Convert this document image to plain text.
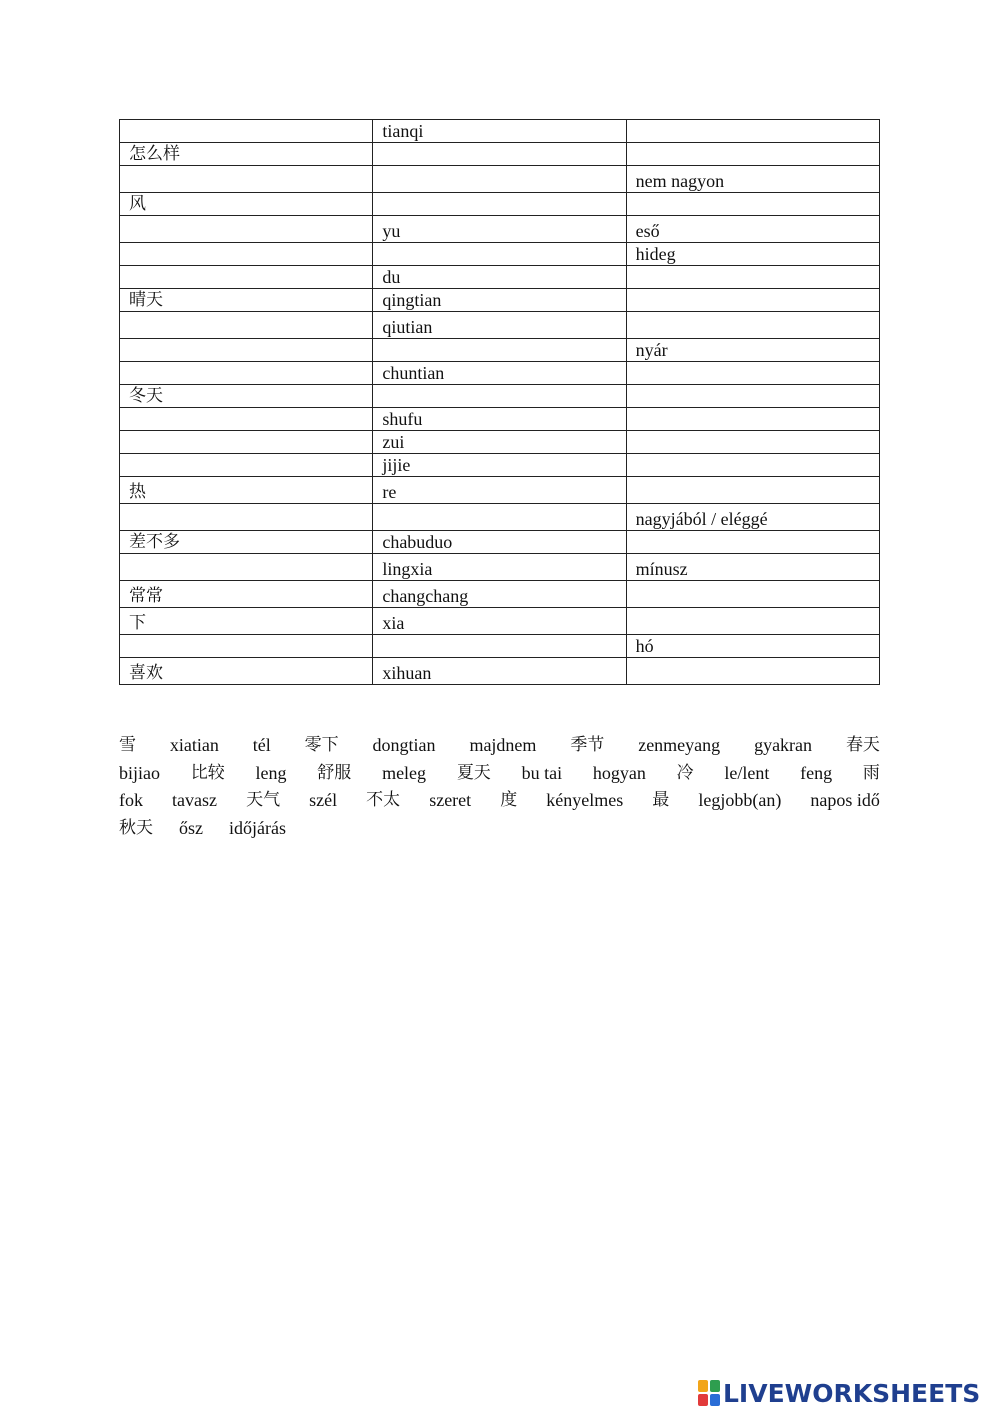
	tianqi	
怎么样		
		nem nagyon
风		
	yu	eső
		hideg
	du	
晴天	qingtian	
	qiutian	
		nyár
	chuntian	
冬天		
	shufu	
	zui	
	jijie	
热	re	
		nagyjából / eléggé
差不多	chabuduo	
	lingxia	mínusz
常常	changchang	
下	xia	
		hó
喜欢	xihuan	
雪 xiatian tél 零下 dongtian majdnem 季节 zenmeyang gyakran 春天
bijiao 比较 leng 舒服 meleg 夏天 bu tai hogyan 冷 le/lent feng 雨
fok tavasz 天气 szél 不太 szeret 度 kényelmes 最 legjobb(an) napos idő
秋天 ősz időjárás
LIVEWORKSHEETS
